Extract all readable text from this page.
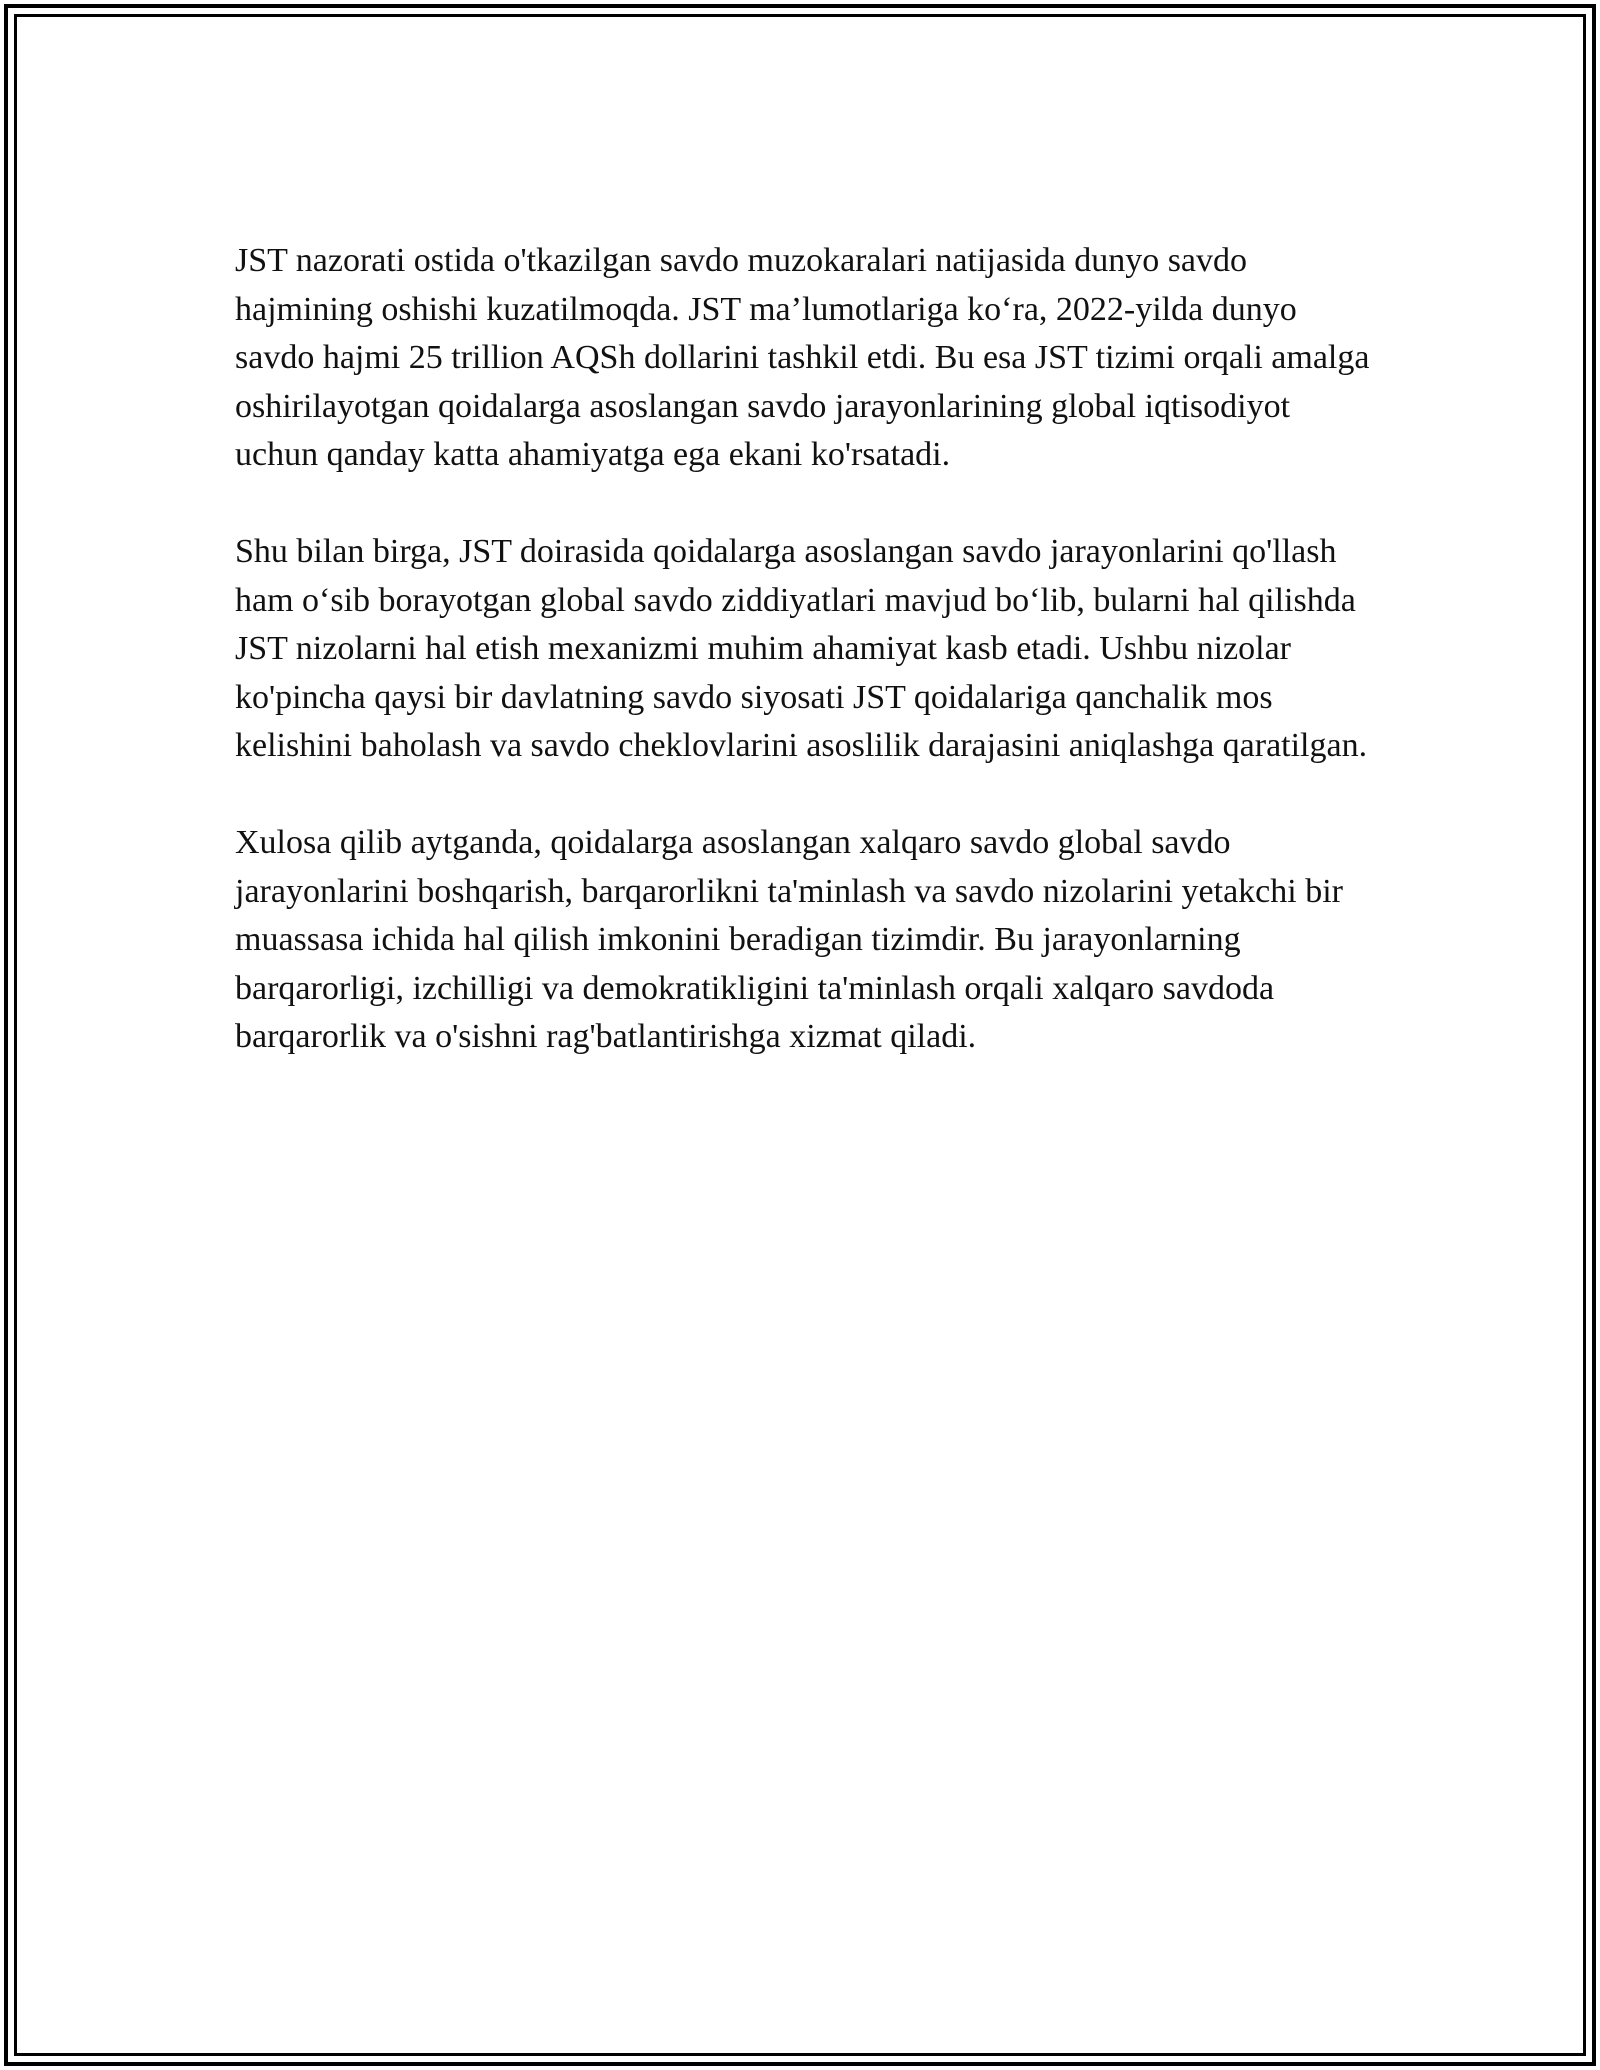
JST nazorati ostida o'tkazilgan savdo muzokaralari natijasida dunyo savdo hajmining oshishi kuzatilmoqda. JST ma’lumotlariga ko‘ra, 2022-yilda dunyo savdo hajmi 25 trillion AQSh dollarini tashkil etdi. Bu esa JST tizimi orqali amalga oshirilayotgan qoidalarga asoslangan savdo jarayonlarining global iqtisodiyot uchun qanday katta ahamiyatga ega ekani ko'rsatadi.

Shu bilan birga, JST doirasida qoidalarga asoslangan savdo jarayonlarini qo'llash ham o‘sib borayotgan global savdo ziddiyatlari mavjud bo‘lib, bularni hal qilishda JST nizolarni hal etish mexanizmi muhim ahamiyat kasb etadi. Ushbu nizolar ko'pincha qaysi bir davlatning savdo siyosati JST qoidalariga qanchalik mos kelishini baholash va savdo cheklovlarini asoslilik darajasini aniqlashga qaratilgan.

Xulosa qilib aytganda, qoidalarga asoslangan xalqaro savdo global savdo jarayonlarini boshqarish, barqarorlikni ta'minlash va savdo nizolarini yetakchi bir muassasa ichida hal qilish imkonini beradigan tizimdir. Bu jarayonlarning barqarorligi, izchilligi va demokratikligini ta'minlash orqali xalqaro savdoda barqarorlik va o'sishni rag'batlantirishga xizmat qiladi.
